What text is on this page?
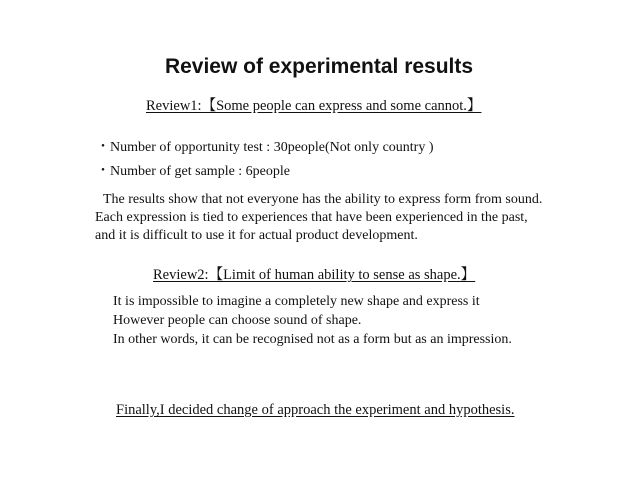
Review of experimental results
Review1:【Some people can express and some cannot.】
・Number of opportunity test : 30people(Not only country )
・Number of get sample : 6people
The results show that not everyone has the ability to express form from sound.
Each expression is tied to experiences that have been experienced in the past,
and it is difficult to use it for actual product development.
Review2:【Limit of human ability to sense as shape.】
It is impossible to imagine a completely new shape and express it
However people can choose sound of shape.
In other words, it can be recognised not as a form but as an impression.
Finally,I decided change of approach the experiment and hypothesis.
